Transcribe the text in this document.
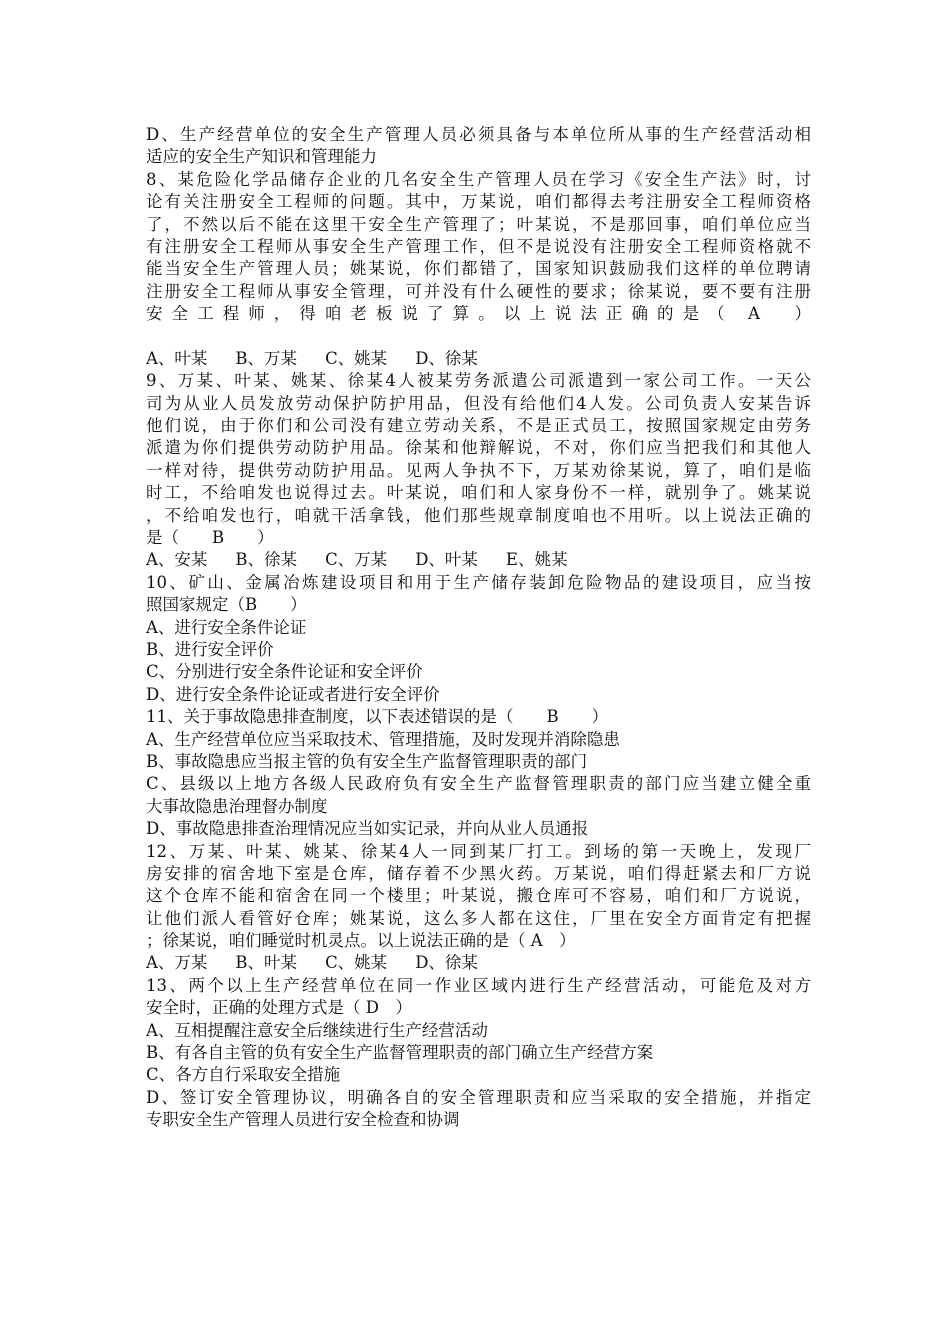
D、生产经营单位的安全生产管理人员必须具备与本单位所从事的生产经营活动相
适应的安全生产知识和管理能力
8、某危险化学品储存企业的几名安全生产管理人员在学习《安全生产法》时，讨
论有关注册安全工程师的问题。其中，万某说，咱们都得去考注册安全工程师资格
了，不然以后不能在这里干安全生产管理了；叶某说，不是那回事，咱们单位应当
有注册安全工程师从事安全生产管理工作，但不是说没有注册安全工程师资格就不
能当安全生产管理人员；姚某说，你们都错了，国家知识鼓励我们这样的单位聘请
注册安全工程师从事安全管理，可并没有什么硬性的要求；徐某说，要不要有注册
安全工程师，得咱老板说了算。以上说法正确的是（ A　）
A、叶某 B、万某 C、姚某 D、徐某
9、万某、叶某、姚某、徐某4人被某劳务派遣公司派遣到一家公司工作。一天公
司为从业人员发放劳动保护防护用品，但没有给他们4人发。公司负责人安某告诉
他们说，由于你们和公司没有建立劳动关系，不是正式员工，按照国家规定由劳务
派遣为你们提供劳动防护用品。徐某和他辩解说，不对，你们应当把我们和其他人
一样对待，提供劳动防护用品。见两人争执不下，万某劝徐某说，算了，咱们是临
时工，不给咱发也说得过去。叶某说，咱们和人家身份不一样，就别争了。姚某说
，不给咱发也行，咱就干活拿钱，他们那些规章制度咱也不用听。以上说法正确的
是（　　B　　）
A、安某 B、徐某 C、万某 D、叶某 E、姚某
10、矿山、金属冶炼建设项目和用于生产储存装卸危险物品的建设项目，应当按
照国家规定（B　　）
A、进行安全条件论证
B、进行安全评价
C、分别进行安全条件论证和安全评价
D、进行安全条件论证或者进行安全评价
11、关于事故隐患排查制度，以下表述错误的是（　　B　　）
A、生产经营单位应当采取技术、管理措施，及时发现并消除隐患
B、事故隐患应当报主管的负有安全生产监督管理职责的部门
C、县级以上地方各级人民政府负有安全生产监督管理职责的部门应当建立健全重
大事故隐患治理督办制度
D、事故隐患排查治理情况应当如实记录，并向从业人员通报
12、万某、叶某、姚某、徐某4人一同到某厂打工。到场的第一天晚上，发现厂
房安排的宿舍地下室是仓库，储存着不少黑火药。万某说，咱们得赶紧去和厂方说
这个仓库不能和宿舍在同一个楼里；叶某说，搬仓库可不容易，咱们和厂方说说，
让他们派人看管好仓库；姚某说，这么多人都在这住，厂里在安全方面肯定有把握
；徐某说，咱们睡觉时机灵点。以上说法正确的是（ A　）
A、万某 B、叶某 C、姚某 D、徐某
13、两个以上生产经营单位在同一作业区域内进行生产经营活动，可能危及对方
安全时，正确的处理方式是（ D　）
A、互相提醒注意安全后继续进行生产经营活动
B、有各自主管的负有安全生产监督管理职责的部门确立生产经营方案
C、各方自行采取安全措施
D、签订安全管理协议，明确各自的安全管理职责和应当采取的安全措施，并指定
专职安全生产管理人员进行安全检查和协调
